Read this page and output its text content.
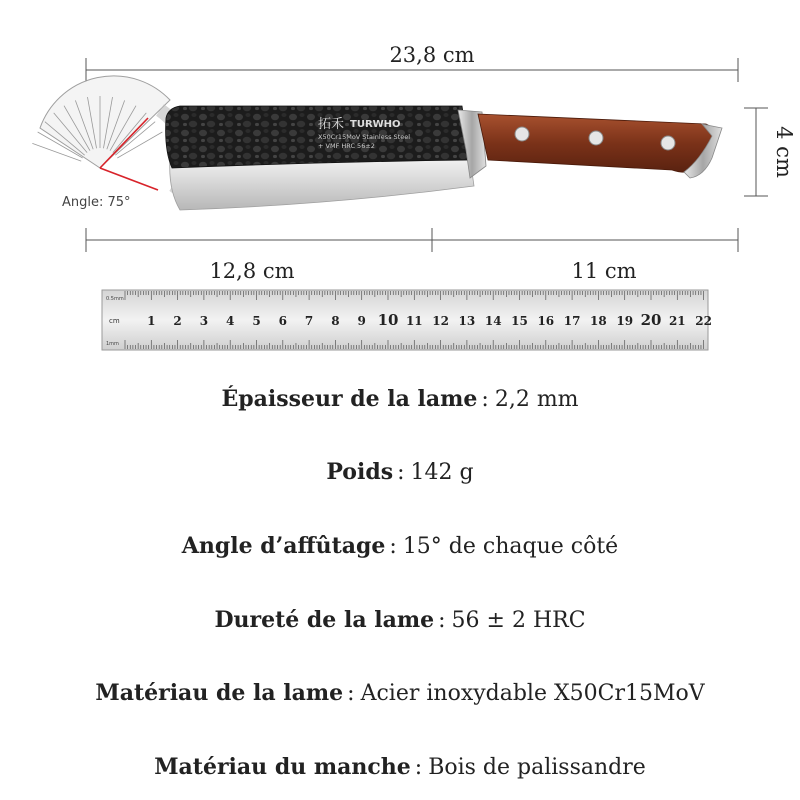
23,8 cm
4 cm
Angle: 75°
拓禾 TURWHO
X50Cr15MoV Stainless Steel
+ VMF HRC 56±2
12,8 cm	11 cm
1 2 3 4 5 6 7 8 9 10 11 12 13 14 15 16 17 18 19 20 21 22
0.5mm
1mm
cm
Épaisseur de la lame : 2,2 mm
Poids : 142 g
Angle d’affûtage : 15° de chaque côté
Dureté de la lame : 56 ± 2 HRC
Matériau de la lame : Acier inoxydable X50Cr15MoV
Matériau du manche : Bois de palissandre
